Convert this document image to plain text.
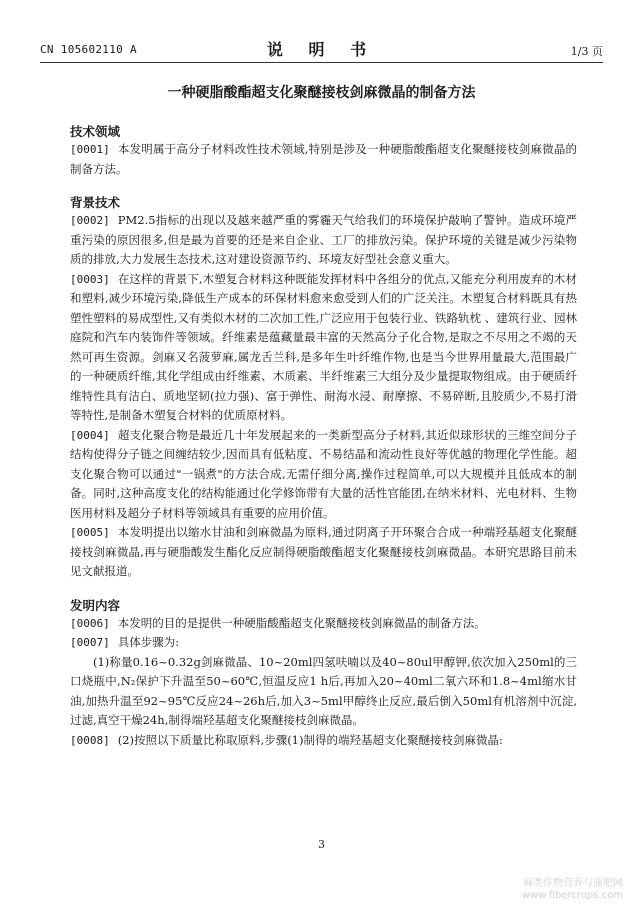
CN 105602110 A	说 明 书	1/3 页
一种硬脂酸酯超支化聚醚接枝剑麻微晶的制备方法

技术领域

[0001] 本发明属于高分子材料改性技术领域,特别是涉及一种硬脂酸酯超支化聚醚接枝剑麻微晶的制备方法。

背景技术

[0002] PM2.5指标的出现以及越来越严重的雾霾天气给我们的环境保护敲响了警钟。造成环境严重污染的原因很多,但是最为首要的还是来自企业、工厂的排放污染。保护环境的关键是减少污染物质的排放,大力发展生态技术,这对建设资源节约、环境友好型社会意义重大。

[0003] 在这样的背景下,木塑复合材料这种既能发挥材料中各组分的优点,又能充分利用废弃的木材和塑料,减少环境污染,降低生产成本的环保材料愈来愈受到人们的广泛关注。木塑复合材料既具有热塑性塑料的易成型性,又有类似木材的二次加工性,广泛应用于包装行业、铁路轨枕 、建筑行业、园林庭院和汽车内装饰件等领域。纤维素是蕴藏量最丰富的天然高分子化合物,是取之不尽用之不竭的天然可再生资源。剑麻又名菠萝麻,属龙舌兰科,是多年生叶纤维作物,也是当今世界用量最大,范围最广的一种硬质纤维,其化学组成由纤维素、木质素、半纤维素三大组分及少量提取物组成。由于硬质纤维特性具有洁白、质地坚韧(拉力强)、富于弹性、耐海水浸、耐摩擦、不易碎断,且胶质少,不易打滑等特性,是制备木塑复合材料的优质原材料。

[0004] 超支化聚合物是最近几十年发展起来的一类新型高分子材料,其近似球形状的三维空间分子结构使得分子链之间缠结较少,因而具有低粘度、不易结晶和流动性良好等优越的物理化学性能。超支化聚合物可以通过"一锅煮"的方法合成,无需仔细分离,操作过程简单,可以大规模并且低成本的制备。同时,这种高度支化的结构能通过化学修饰带有大量的活性官能团,在纳米材料、光电材料、生物医用材料及超分子材料等领域具有重要的应用价值。

[0005] 本发明提出以缩水甘油和剑麻微晶为原料,通过阴离子开环聚合合成一种端羟基超支化聚醚接枝剑麻微晶,再与硬脂酸发生酯化反应制得硬脂酸酯超支化聚醚接枝剑麻微晶。本研究思路目前未见文献报道。

发明内容

[0006] 本发明的目的是提供一种硬脂酸酯超支化聚醚接枝剑麻微晶的制备方法。

[0007] 具体步骤为:

(1)称量0.16~0.32g剑麻微晶、10~20ml四氢呋喃以及40~80ul甲醇钾,依次加入250ml的三口烧瓶中,N₂保护下升温至50~60℃,恒温反应1 h后,再加入20~40ml二氧六环和1.8~4ml缩水甘油,加热升温至92~95℃反应24~26h后,加入3~5ml甲醇终止反应,最后倒入50ml有机溶剂中沉淀,过滤,真空干燥24h,制得端羟基超支化聚醚接枝剑麻微晶。

[0008] (2)按照以下质量比称取原料,步骤(1)制得的端羟基超支化聚醚接枝剑麻微晶:

3
麻类作物营养与施肥网
www.fibercrops.com
